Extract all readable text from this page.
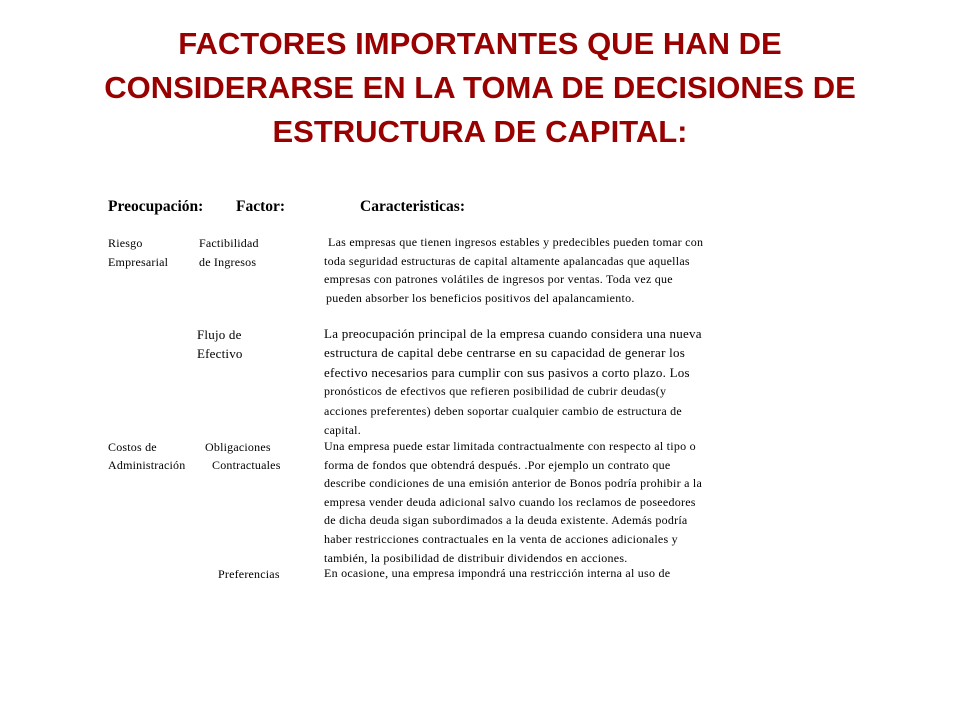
FACTORES IMPORTANTES QUE HAN DE
CONSIDERARSE EN LA TOMA DE DECISIONES DE
ESTRUCTURA DE CAPITAL:
Preocupación: Factor:	Caracteristicas:
Riesgo
Empresarial
Factibilidad
de Ingresos
Las empresas que tienen ingresos estables y predecibles pueden tomar con
toda seguridad estructuras de capital altamente apalancadas que aquellas
empresas con patrones volátiles de ingresos por ventas. Toda vez que
pueden absorber los beneficios positivos del apalancamiento.
Flujo de
Efectivo
La preocupación principal de la empresa cuando considera una nueva
estructura de capital debe centrarse en su capacidad de generar los
efectivo necesarios para cumplir con sus pasivos a corto plazo. Los
pronósticos de efectivos que refieren posibilidad de cubrir deudas(y
acciones preferentes) deben soportar cualquier cambio de estructura de
capital.
Costos de
Administración
Obligaciones
Contractuales
Una empresa puede estar limitada contractualmente con respecto al tipo o
forma de fondos que obtendrá después. .Por ejemplo un contrato que
describe condiciones de una emisión anterior de Bonos podría prohibir a la
empresa vender deuda adicional salvo cuando los reclamos de poseedores
de dicha deuda sigan subordimados a la deuda existente. Además podría
haber restricciones contractuales en la venta de acciones adicionales y
también, la posibilidad de distribuir dividendos en acciones.
Preferencias	En ocasione, una empresa impondrá una restricción interna al uso de
